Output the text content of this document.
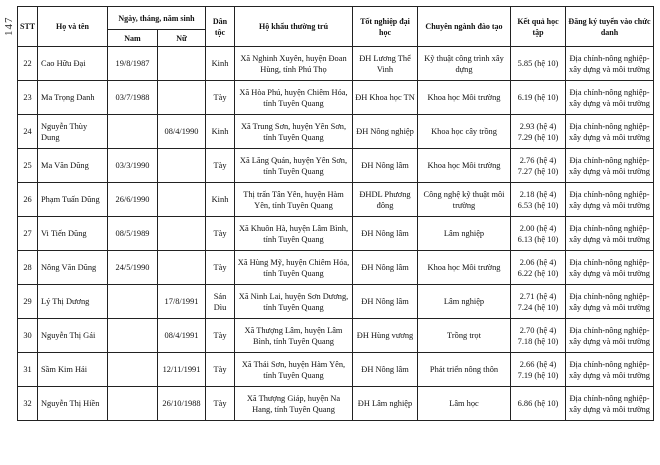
147 STT	Họ và tên	Ngày, tháng, năm sinh		Dân tộc	Hộ khẩu thường trú	Tốt nghiệp đại học	Chuyên ngành đào tạo	Kết quả học tập	Đăng ký tuyển vào chức danh
		Nam	Nữ						
22	Cao Hữu Đại	19/8/1987		Kinh	Xã Nghinh Xuyên, huyện Đoan Hùng, tỉnh Phú Thọ	ĐH Lương Thế Vinh	Kỹ thuật công trình xây dựng	5.85 (hệ 10)	Địa chính-nông nghiệp-xây dựng và môi trường
23	Ma Trọng Danh	03/7/1988		Tày	Xã Hòa Phú, huyện Chiêm Hóa, tỉnh Tuyên Quang	ĐH Khoa học TN	Khoa học Môi trường	6.19 (hệ 10)	Địa chính-nông nghiệp-xây dựng và môi trường
24	Nguyễn Thùy Dung		08/4/1990	Kinh	Xã Trung Sơn, huyện Yên Sơn, tỉnh Tuyên Quang	ĐH Nông nghiệp	Khoa học cây trồng	2.93 (hệ 4) 7.29 (hệ 10)	Địa chính-nông nghiệp-xây dựng và môi trường
25	Ma Văn Dũng	03/3/1990		Tày	Xã Lăng Quán, huyện Yên Sơn, tỉnh Tuyên Quang	ĐH Nông lâm	Khoa học Môi trường	2.76 (hệ 4) 7.27 (hệ 10)	Địa chính-nông nghiệp-xây dựng và môi trường
26	Phạm Tuấn Dũng	26/6/1990		Kinh	Thị trấn Tân Yên, huyện Hàm Yên, tỉnh Tuyên Quang	ĐHDL Phương đông	Công nghệ kỹ thuật môi trường	2.18 (hệ 4) 6.53 (hệ 10)	Địa chính-nông nghiệp-xây dựng và môi trường
27	Vi Tiến Dũng	08/5/1989		Tày	Xã Khuôn Hà, huyện Lâm Bình, tỉnh Tuyên Quang	ĐH Nông lâm	Lâm nghiệp	2.00 (hệ 4) 6.13 (hệ 10)	Địa chính-nông nghiệp-xây dựng và môi trường
28	Nông Văn Dũng	24/5/1990		Tày	Xã Hùng Mỹ, huyện Chiêm Hóa, tỉnh Tuyên Quang	ĐH Nông lâm	Khoa học Môi trường	2.06 (hệ 4) 6.22 (hệ 10)	Địa chính-nông nghiệp-xây dựng và môi trường
29	Lý Thị Dương		17/8/1991	Sán Dìu	Xã Ninh Lai, huyện Sơn Dương, tỉnh Tuyên Quang	ĐH Nông lâm	Lâm nghiệp	2.71 (hệ 4) 7.24 (hệ 10)	Địa chính-nông nghiệp-xây dựng và môi trường
30	Nguyễn Thị Gái		08/4/1991	Tày	Xã Thượng Lâm, huyện Lâm Bình, tỉnh Tuyên Quang	ĐH Hùng vương	Trồng trọt	2.70 (hệ 4) 7.18 (hệ 10)	Địa chính-nông nghiệp-xây dựng và môi trường
31	Sầm Kim Hải		12/11/1991	Tày	Xã Thái Sơn, huyện Hàm Yên, tỉnh Tuyên Quang	ĐH Nông lâm	Phát triển nông thôn	2.66 (hệ 4) 7.19 (hệ 10)	Địa chính-nông nghiệp-xây dựng và môi trường
32	Nguyễn Thị Hiền		26/10/1988	Tày	Xã Thượng Giáp, huyện Na Hang, tỉnh Tuyên Quang	ĐH Lâm nghiệp	Lâm học	6.86 (hệ 10)	Địa chính-nông nghiệp-xây dựng và môi trường
